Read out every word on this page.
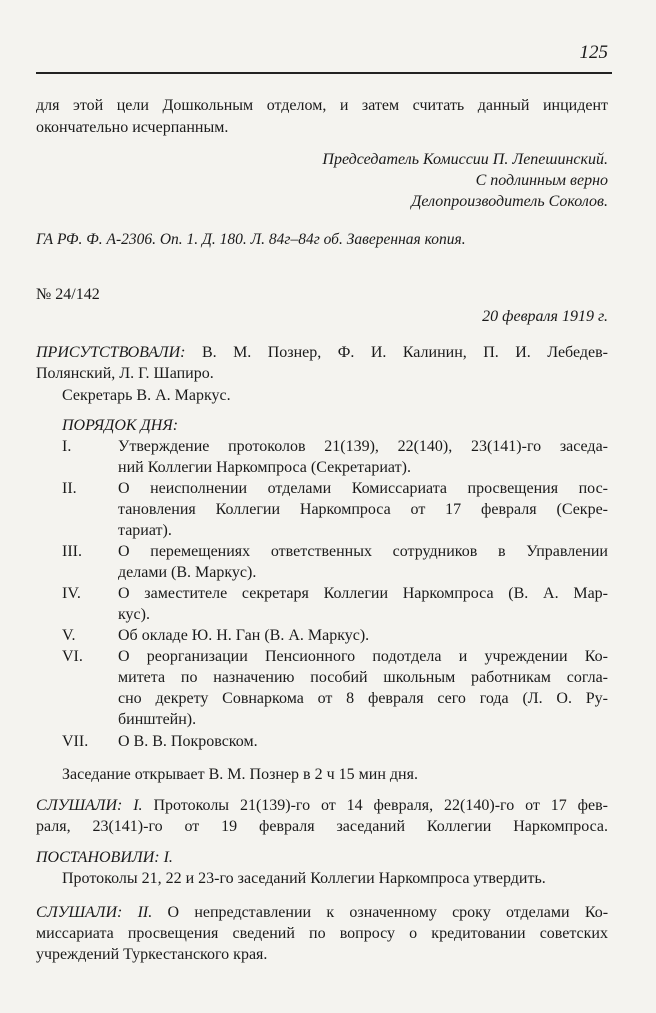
125
для этой цели Дошкольным отделом, и затем считать данный инцидент
окончательно исчерпанным.
Председатель Комиссии П. Лепешинский.
С подлинным верно
Делопроизводитель Соколов.
ГА РФ. Ф. А-2306. Оп. 1. Д. 180. Л. 84г–84г об. Заверенная копия.
№ 24/142
20 февраля 1919 г.
ПРИСУТСТВОВАЛИ: В. М. Познер, Ф. И. Калинин, П. И. Лебедев-
Полянский, Л. Г. Шапиро.
Секретарь В. А. Маркус.
ПОРЯДОК ДНЯ:
I.	Утверждение протоколов 21(139), 22(140), 23(141)-го заседа-
ний Коллегии Наркомпроса (Секретариат).
II.	О неисполнении отделами Комиссариата просвещения пос-
тановления Коллегии Наркомпроса от 17 февраля (Секре-
тариат).
III. О перемещениях ответственных сотрудников в Управлении
делами (В. Маркус).
IV. О заместителе секретаря Коллегии Наркомпроса (В. А. Мар-
кус).
V.	Об окладе Ю. Н. Ган (В. А. Маркус).
VI. О реорганизации Пенсионного подотдела и учреждении Ко-
митета по назначению пособий школьным работникам согла-
сно декрету Совнаркома от 8 февраля сего года (Л. О. Ру-
бинштейн).
VII. О В. В. Покровском.
Заседание открывает В. М. Познер в 2 ч 15 мин дня.
СЛУШАЛИ: I. Протоколы 21(139)-го от 14 февраля, 22(140)-го от 17 фев-
раля, 23(141)-го от 19 февраля заседаний Коллегии Наркомпроса.
ПОСТАНОВИЛИ: I.
Протоколы 21, 22 и 23-го заседаний Коллегии Наркомпроса утвердить.
СЛУШАЛИ: II. О непредставлении к означенному сроку отделами Ко-
миссариата просвещения сведений по вопросу о кредитовании советских
учреждений Туркестанского края.
